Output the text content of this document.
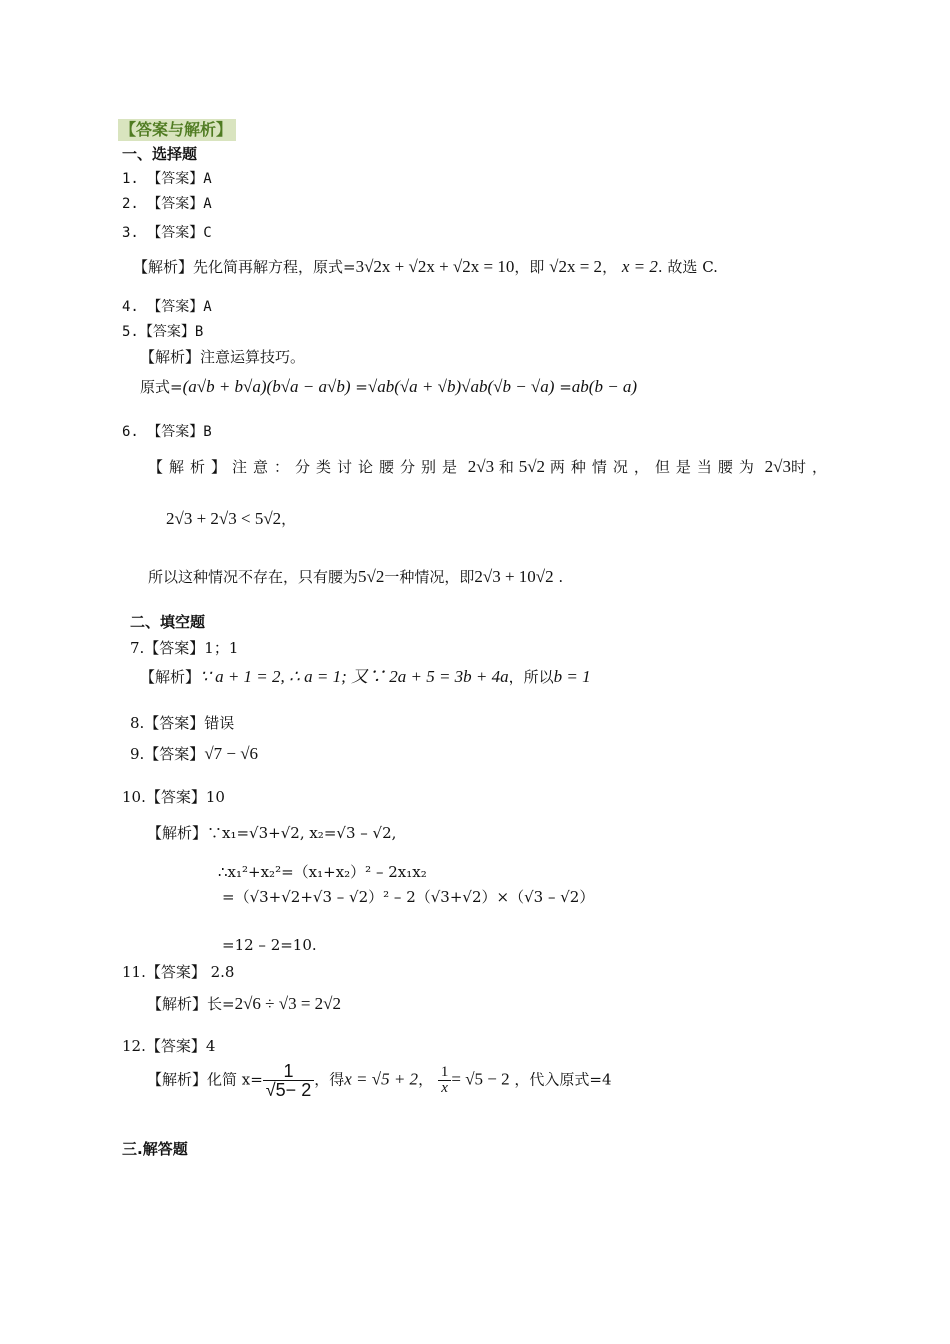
【答案与解析】
一、选择题
1. 【答案】A
2. 【答案】A
3. 【答案】C
【解析】先化简再解方程，原式=3√2x + √2x + √2x = 10，即 √2x = 2， x = 2. 故选 C.
4. 【答案】A
5.【答案】B
【解析】注意运算技巧。
原式=(a√b + b√a)(b√a − a√b) =√ab(√a + √b)√ab(√b − √a) =ab(b − a)
6. 【答案】B
【解析】注意：分类讨论腰分别是 2√3 和 5√2 两种情况，但是当腰为 2√3时，
2√3 + 2√3 < 5√2，
所以这种情况不存在，只有腰为5√2一种情况，即2√3 + 10√2 .
二、填空题
7.【答案】1；1
【解析】∵ a + 1 = 2, ∴ a = 1; 又∵ 2a + 5 = 3b + 4a，所以b = 1
8.【答案】错误
9.【答案】√7 − √6
10.【答案】10
【解析】∵x₁=√3+√2, x₂=√3 – √2,
∴x₁²+x₂²=（x₁+x₂）² – 2x₁x₂
=（√3+√2+√3 – √2）² – 2（√3+√2）×（√3 – √2）
=12 – 2=10.
11.【答案】 2.8
【解析】长=2√6 ÷ √3 = 2√2
12.【答案】4
【解析】化简 $x= \frac{1}{√5- 2}$ ，得x = √5 + 2， $\frac{1}{x} = √5 - 2$ ，代入原式=4
三.解答题
